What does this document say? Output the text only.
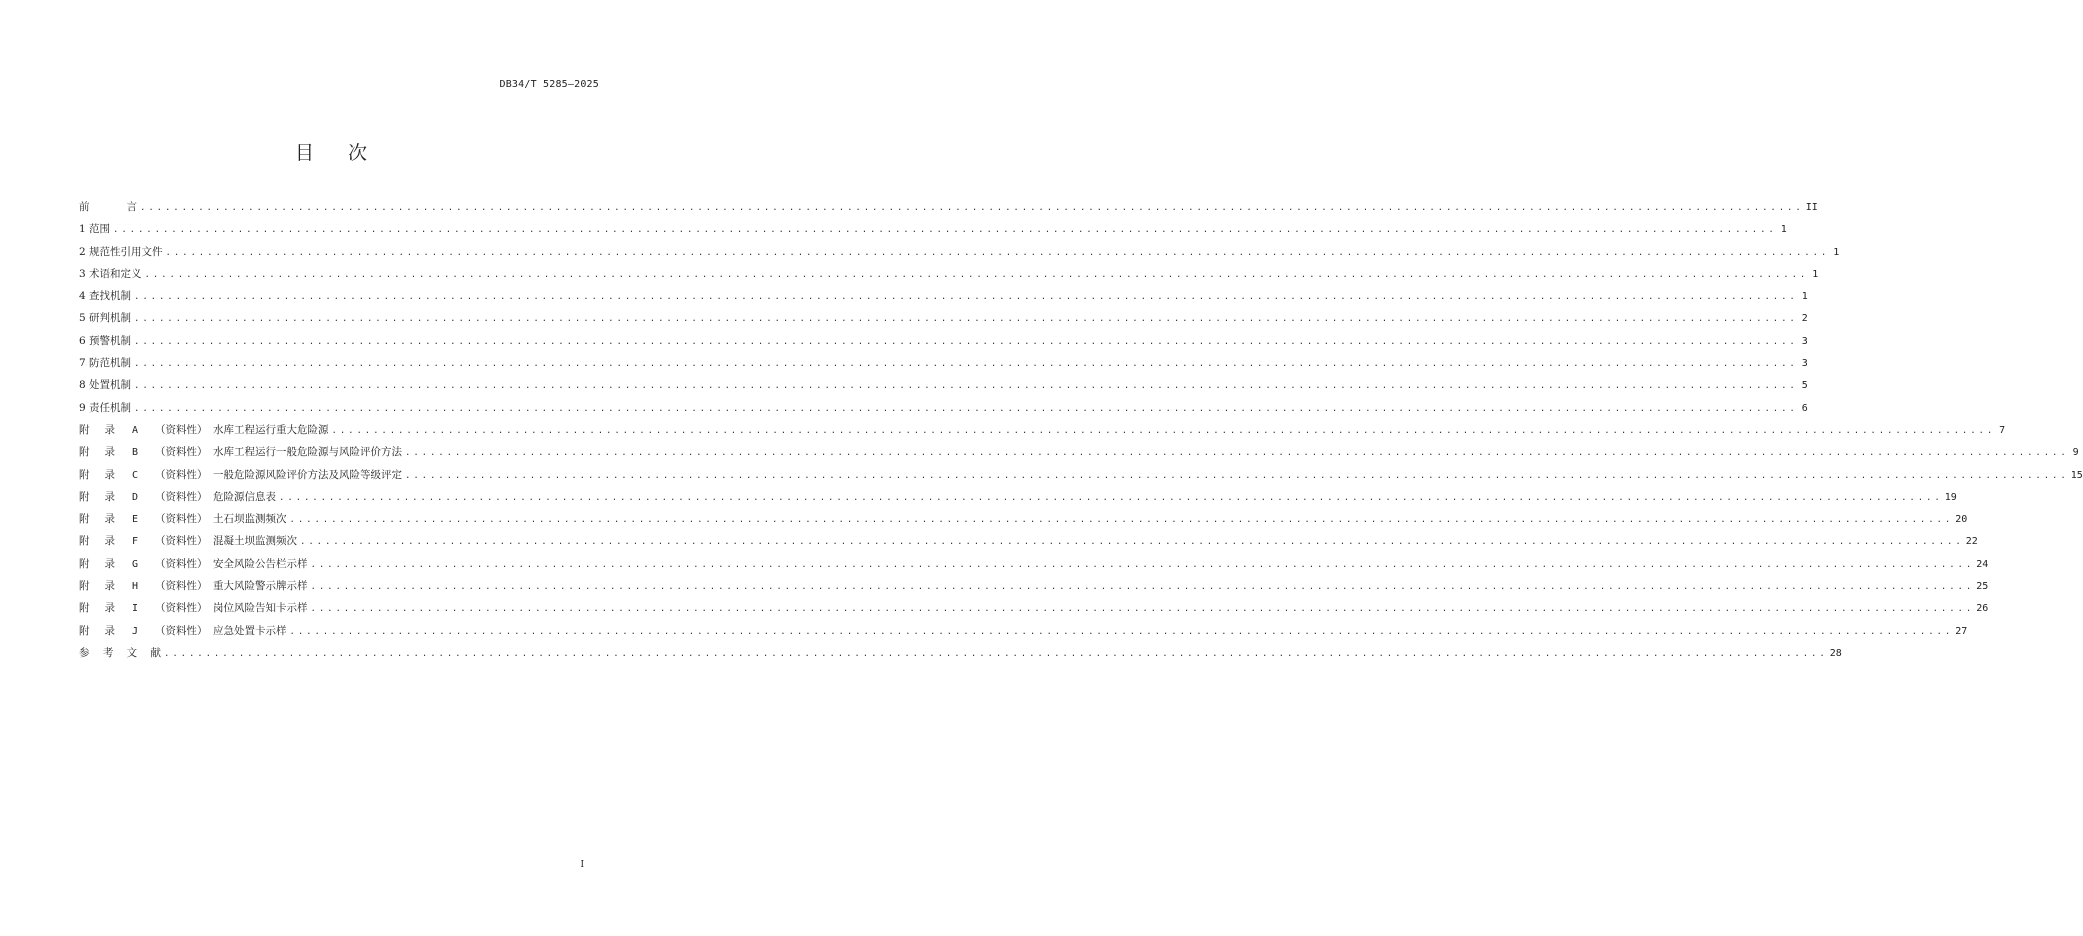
DB34/T 5285—2025
目 次
前	言 ........................................................................................................................................................................................................ II
1 范围 ........................................................................................................................................................................................................ 1
2 规范性引用文件 ........................................................................................................................................................................................................ 1
3 术语和定义 ........................................................................................................................................................................................................ 1
4 查找机制 ........................................................................................................................................................................................................ 1
5 研判机制 ........................................................................................................................................................................................................ 2
6 预警机制 ........................................................................................................................................................................................................ 3
7 防范机制 ........................................................................................................................................................................................................ 3
8 处置机制 ........................................................................................................................................................................................................ 5
9 责任机制 ........................................................................................................................................................................................................ 6
附 录 A （资料性） 水库工程运行重大危险源 ........................................................................................................................................................................................................ 7
附 录 B （资料性） 水库工程运行一般危险源与风险评价方法 ........................................................................................................................................................................................................ 9
附 录 C （资料性） 一般危险源风险评价方法及风险等级评定 ........................................................................................................................................................................................................ 15
附 录 D （资料性） 危险源信息表 ........................................................................................................................................................................................................ 19
附 录 E （资料性） 土石坝监测频次 ........................................................................................................................................................................................................ 20
附 录 F （资料性） 混凝土坝监测频次 ........................................................................................................................................................................................................ 22
附 录 G （资料性） 安全风险公告栏示样 ........................................................................................................................................................................................................ 24
附 录 H （资料性） 重大风险警示牌示样 ........................................................................................................................................................................................................ 25
附 录 I （资料性） 岗位风险告知卡示样 ........................................................................................................................................................................................................ 26
附 录 J （资料性） 应急处置卡示样 ........................................................................................................................................................................................................ 27
参 考 文 献 ........................................................................................................................................................................................................ 28
I
